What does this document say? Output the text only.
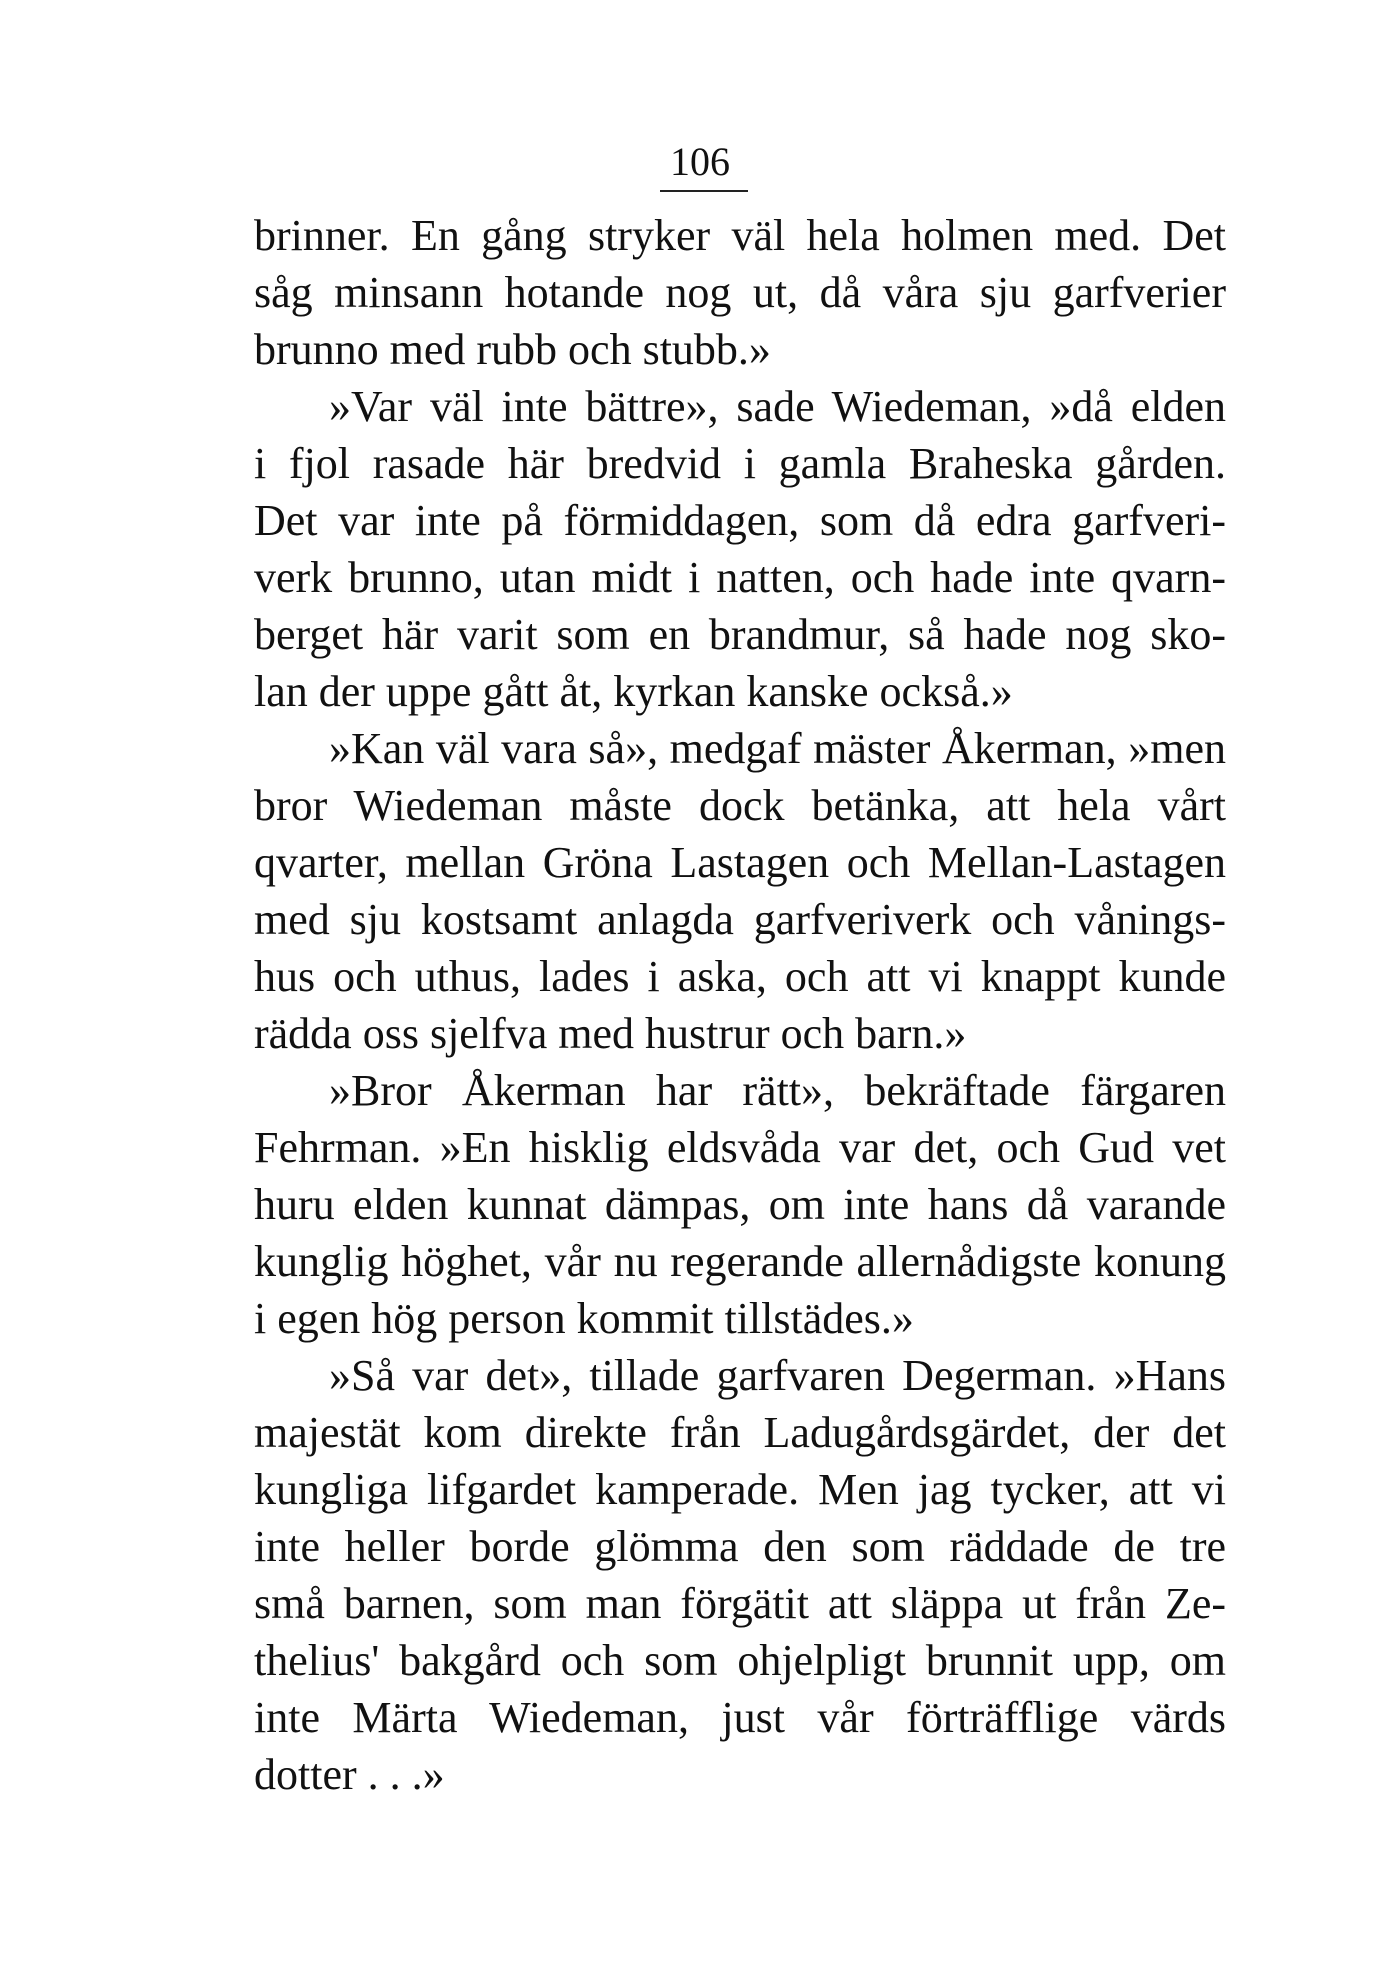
106
brinner. En gång stryker väl hela holmen med. Det
såg minsann hotande nog ut, då våra sju garfverier
brunno med rubb och stubb.»
»Var väl inte bättre», sade Wiedeman, »då elden
i fjol rasade här bredvid i gamla Braheska gården.
Det var inte på förmiddagen, som då edra garfveri-
verk brunno, utan midt i natten, och hade inte qvarn-
berget här varit som en brandmur, så hade nog sko-
lan der uppe gått åt, kyrkan kanske också.»
»Kan väl vara så», medgaf mäster Åkerman, »men
bror Wiedeman måste dock betänka, att hela vårt
qvarter, mellan Gröna Lastagen och Mellan-Lastagen
med sju kostsamt anlagda garfveriverk och vånings-
hus och uthus, lades i aska, och att vi knappt kunde
rädda oss sjelfva med hustrur och barn.»
»Bror Åkerman har rätt», bekräftade färgaren
Fehrman. »En hisklig eldsvåda var det, och Gud vet
huru elden kunnat dämpas, om inte hans då varande
kunglig höghet, vår nu regerande allernådigste konung
i egen hög person kommit tillstädes.»
»Så var det», tillade garfvaren Degerman. »Hans
majestät kom direkte från Ladugårdsgärdet, der det
kungliga lifgardet kamperade. Men jag tycker, att vi
inte heller borde glömma den som räddade de tre
små barnen, som man förgätit att släppa ut från Ze-
thelius' bakgård och som ohjelpligt brunnit upp, om
inte Märta Wiedeman, just vår förträfflige värds
dotter . . .»
